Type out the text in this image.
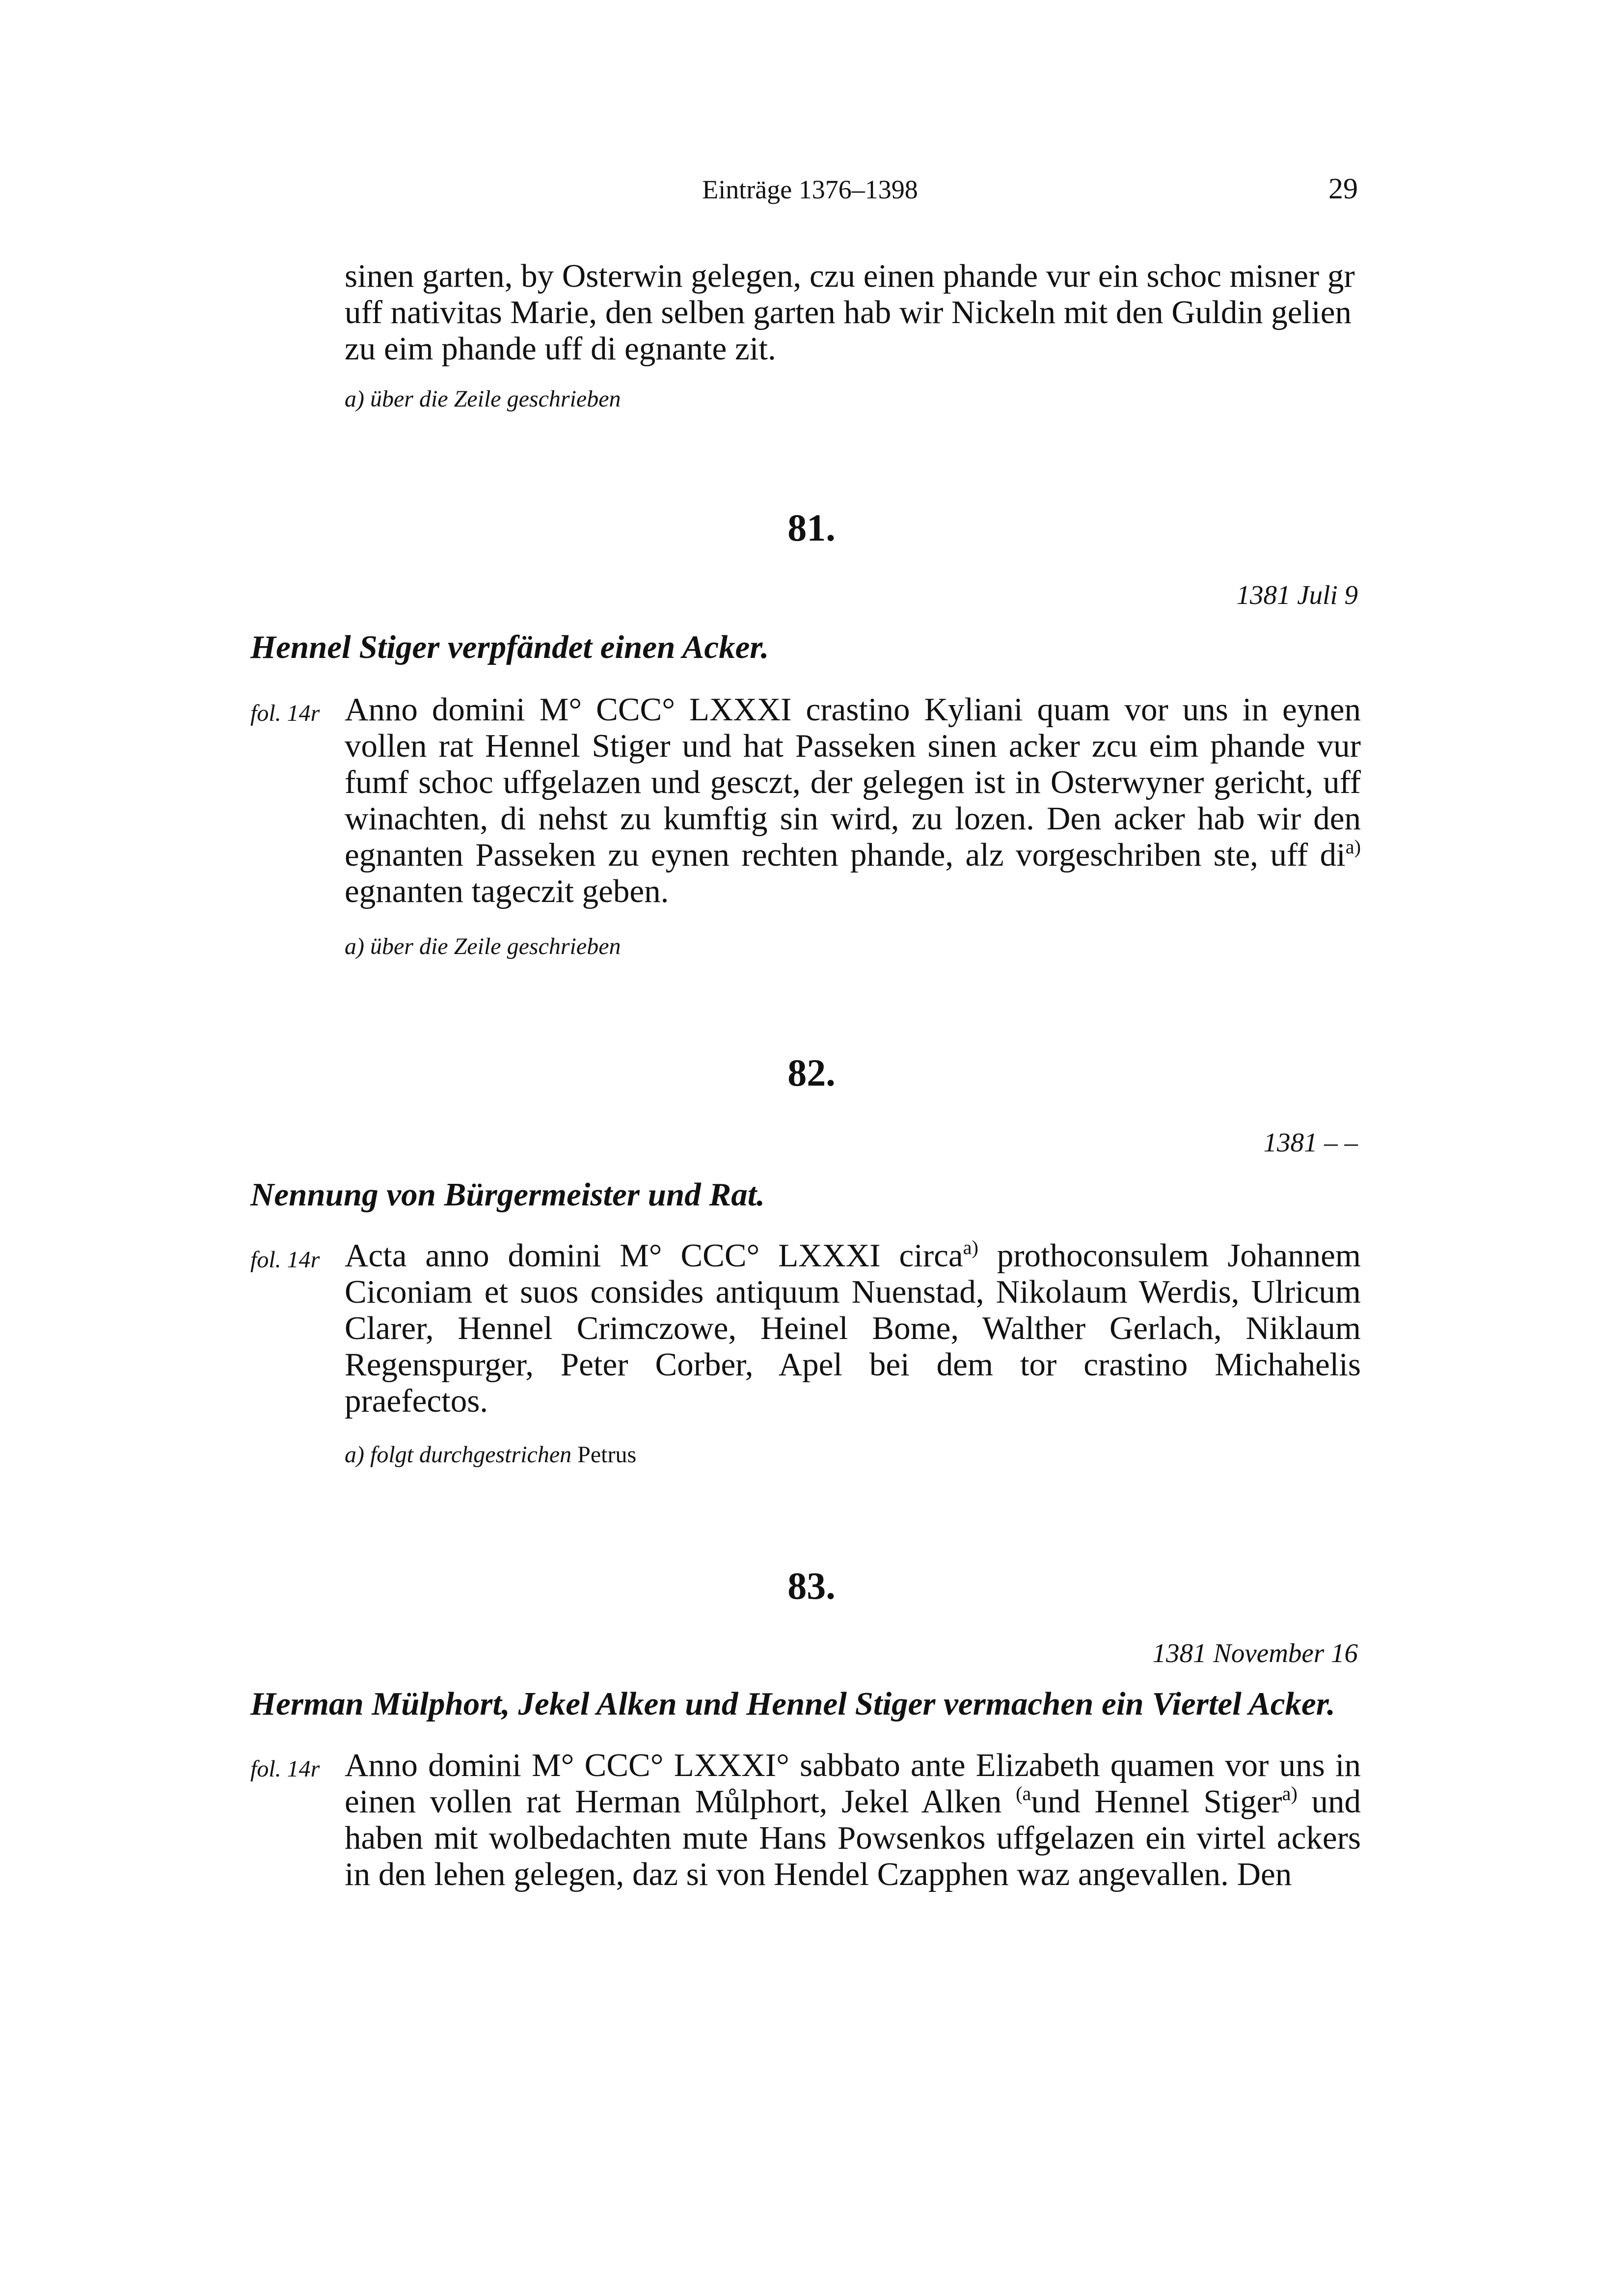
Einträge 1376–1398	29

sinen garten, by Osterwin gelegen, czu einen phande vur ein schoc misner gr uff nativitas Marie, den selben garten hab wir Nickeln mit den Guldin gelien zu eim phande uff di egnante zit.

a) über die Zeile geschrieben
81.
1381 Juli 9
Hennel Stiger verpfändet einen Acker.
fol. 14r Anno domini M° CCC° LXXXI crastino Kyliani quam vor uns in eynen vollen rat Hennel Stiger und hat Passeken sinen acker zcu eim phande vur fumf schoc uffgelazen und gesczt, der gelegen ist in Osterwyner gericht, uff winachten, di nehst zu kumftig sin wird, zu lozen. Den acker hab wir den egnanten Passeken zu eynen rechten phande, alz vorgeschriben ste, uff $di^{a)}$ egnanten tageczit geben.

a) über die Zeile geschrieben
82.
1381 – –
Nennung von Bürgermeister und Rat.
fol. 14r Acta anno domini M° CCC° LXXXI circa$^{a)}$ prothoconsulem Johannem Ciconiam et suos consides antiquum Nuenstad, Nikolaum Werdis, Ulricum Clarer, Hennel Crimczowe, Heinel Bome, Walther Gerlach, Niklaum Regenspurger, Peter Corber, Apel bei dem tor crastino Michahelis praefectos.

a) folgt durchgestrichen Petrus
83.
1381 November 16
Herman Mülphort, Jekel Alken und Hennel Stiger vermachen ein Viertel Acker.
fol. 14r Anno domini M° CCC° LXXXI° sabbato ante Elizabeth quamen vor uns in einen vollen rat Herman Můlphort, Jekel Alken $^{(a}$und Hennel Stiger$^{a)}$ und haben mit wolbedachten mute Hans Powsenkos uffgelazen ein virtel ackers in den lehen gelegen, daz si von Hendel Czapphen waz angevallen. Den
